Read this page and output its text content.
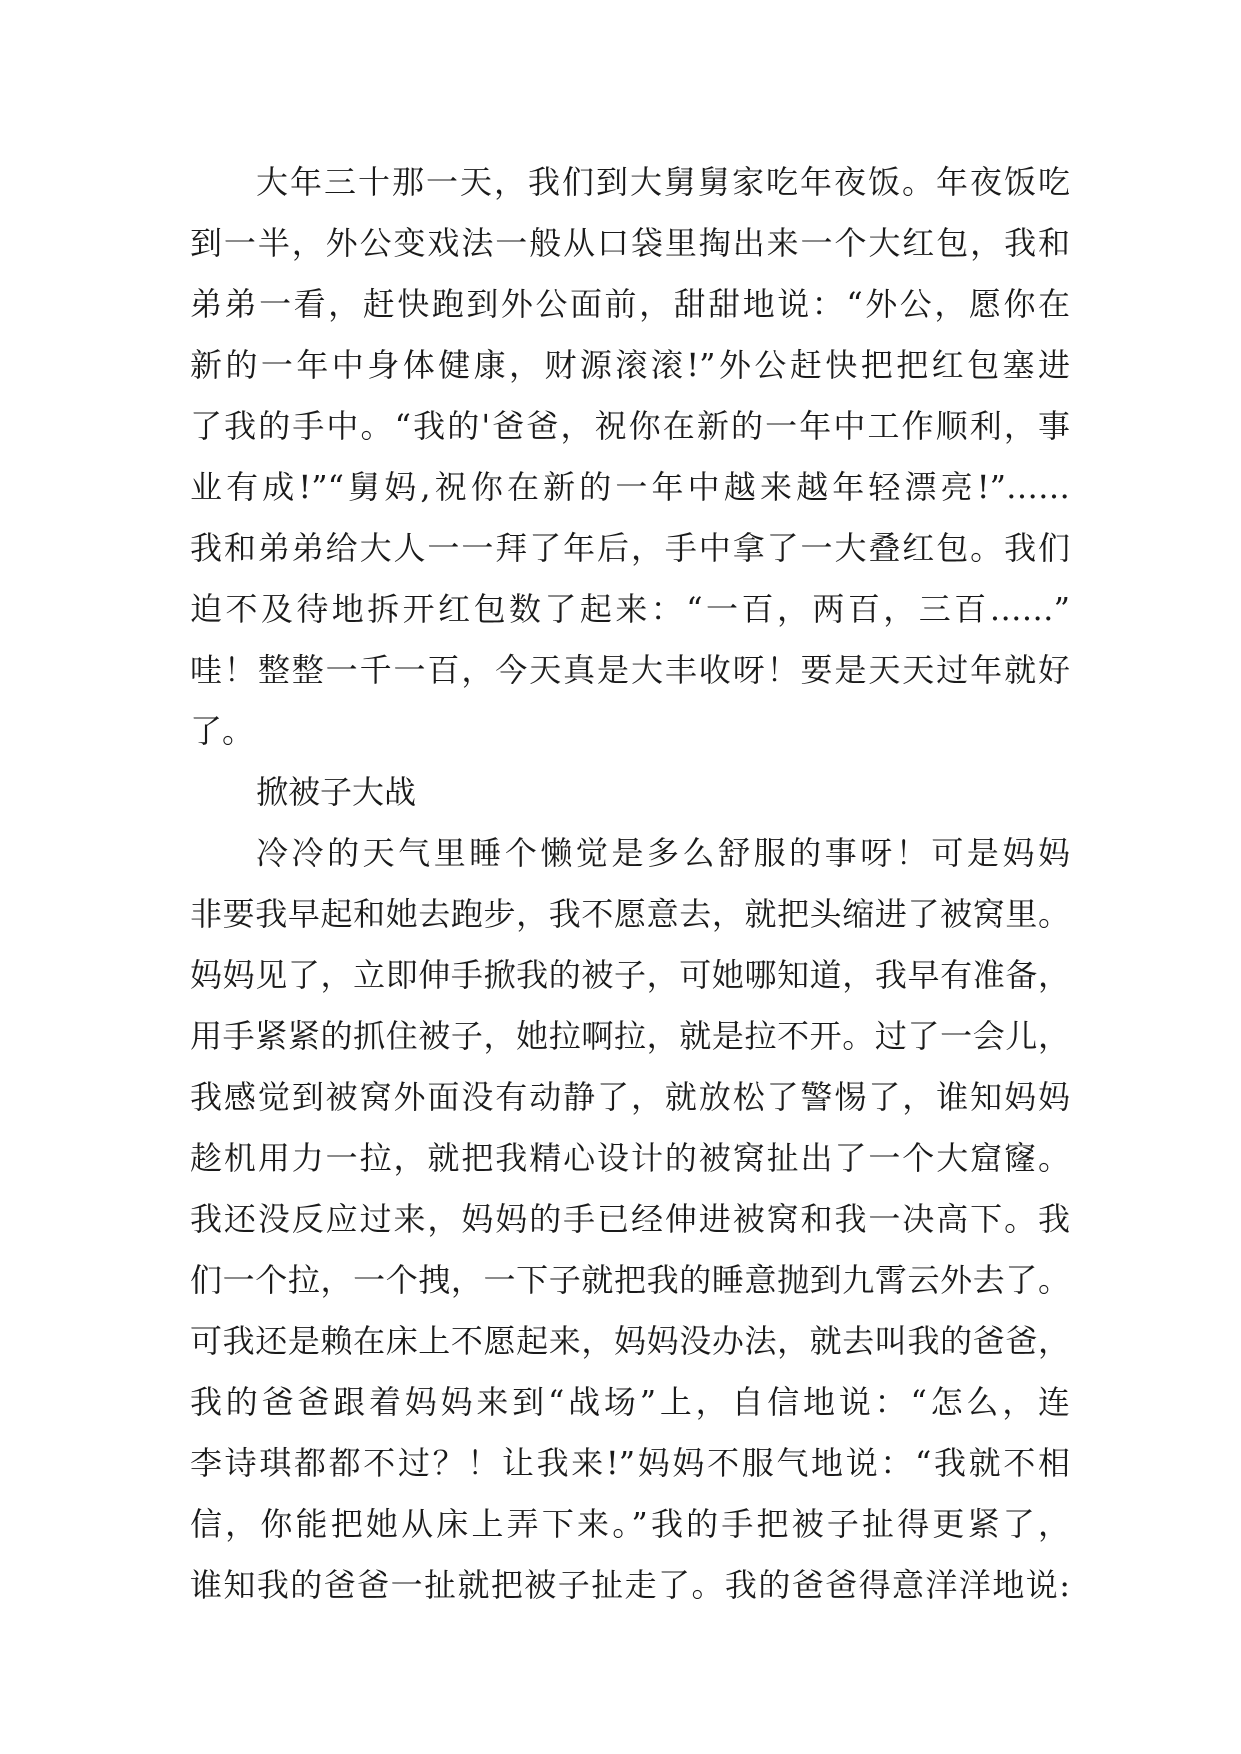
大年三十那一天，我们到大舅舅家吃年夜饭。年夜饭吃
到一半，外公变戏法一般从口袋里掏出来一个大红包，我和
弟弟一看，赶快跑到外公面前，甜甜地说：“外公，愿你在
新的一年中身体健康，财源滚滚!”外公赶快把把红包塞进
了我的手中。“我的'爸爸，祝你在新的一年中工作顺利，事
业有成!”“舅妈,祝你在新的一年中越来越年轻漂亮!”……
我和弟弟给大人一一拜了年后，手中拿了一大叠红包。我们
迫不及待地拆开红包数了起来：“一百，两百，三百……”
哇！整整一千一百，今天真是大丰收呀！要是天天过年就好
了。
掀被子大战
冷冷的天气里睡个懒觉是多么舒服的事呀！可是妈妈
非要我早起和她去跑步，我不愿意去，就把头缩进了被窝里。
妈妈见了，立即伸手掀我的被子，可她哪知道，我早有准备，
用手紧紧的抓住被子，她拉啊拉，就是拉不开。过了一会儿，
我感觉到被窝外面没有动静了，就放松了警惕了，谁知妈妈
趁机用力一拉，就把我精心设计的被窝扯出了一个大窟窿。
我还没反应过来，妈妈的手已经伸进被窝和我一决高下。我
们一个拉，一个拽，一下子就把我的睡意抛到九霄云外去了。
可我还是赖在床上不愿起来，妈妈没办法，就去叫我的爸爸，
我的爸爸跟着妈妈来到“战场”上，自信地说：“怎么，连
李诗琪都都不过？！让我来!”妈妈不服气地说：“我就不相
信，你能把她从床上弄下来。”我的手把被子扯得更紧了，
谁知我的爸爸一扯就把被子扯走了。我的爸爸得意洋洋地说:
